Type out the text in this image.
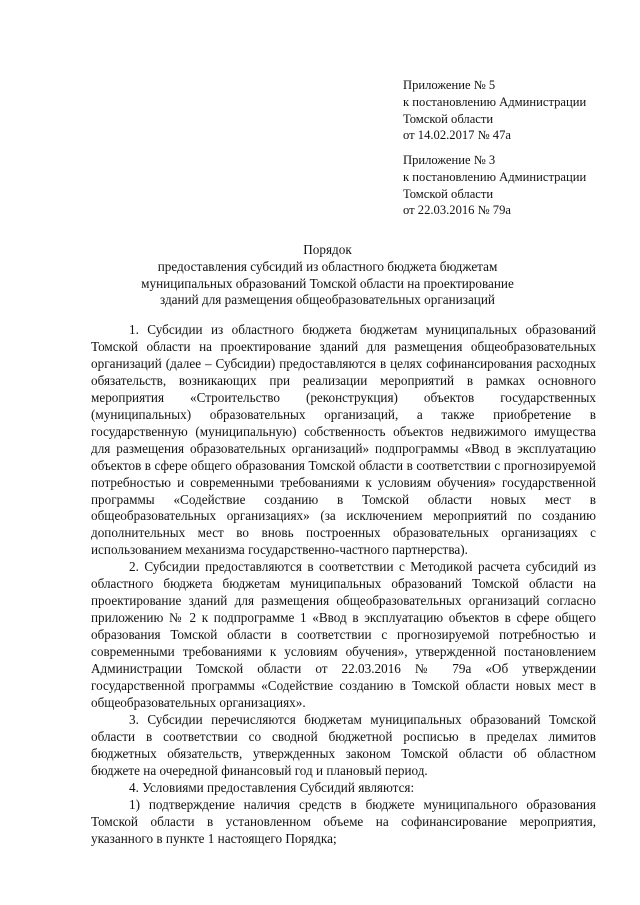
Приложение № 5
к постановлению Администрации
Томской области
от 14.02.2017 № 47а
Приложение № 3
к постановлению Администрации
Томской области
от 22.03.2016 № 79а
Порядок
предоставления субсидий из областного бюджета бюджетам
муниципальных образований Томской области на проектирование
зданий для размещения общеобразовательных организаций

1. Субсидии из областного бюджета бюджетам муниципальных образований Томской области на проектирование зданий для размещения общеобразовательных организаций (далее – Субсидии) предоставляются в целях софинансирования расходных обязательств, возникающих при реализации мероприятий в рамках основного мероприятия «Строительство (реконструкция) объектов государственных (муниципальных) образовательных организаций, а также приобретение в государственную (муниципальную) собственность объектов недвижимого имущества для размещения образовательных организаций» подпрограммы «Ввод в эксплуатацию объектов в сфере общего образования Томской области в соответствии с прогнозируемой потребностью и современными требованиями к условиям обучения» государственной программы «Содействие созданию в Томской области новых мест в общеобразовательных организациях» (за исключением мероприятий по созданию дополнительных мест во вновь построенных образовательных организациях с использованием механизма государственно-частного партнерства).

2. Субсидии предоставляются в соответствии с Методикой расчета субсидий из областного бюджета бюджетам муниципальных образований Томской области на проектирование зданий для размещения общеобразовательных организаций согласно приложению № 2 к подпрограмме 1 «Ввод в эксплуатацию объектов в сфере общего образования Томской области в соответствии с прогнозируемой потребностью и современными требованиями к условиям обучения», утвержденной постановлением Администрации Томской области от 22.03.2016 № 79а «Об утверждении государственной программы «Содействие созданию в Томской области новых мест в общеобразовательных организациях».

3. Субсидии перечисляются бюджетам муниципальных образований Томской области в соответствии со сводной бюджетной росписью в пределах лимитов бюджетных обязательств, утвержденных законом Томской области об областном бюджете на очередной финансовый год и плановый период.

4. Условиями предоставления Субсидий являются:

1) подтверждение наличия средств в бюджете муниципального образования Томской области в установленном объеме на софинансирование мероприятия, указанного в пункте 1 настоящего Порядка;
